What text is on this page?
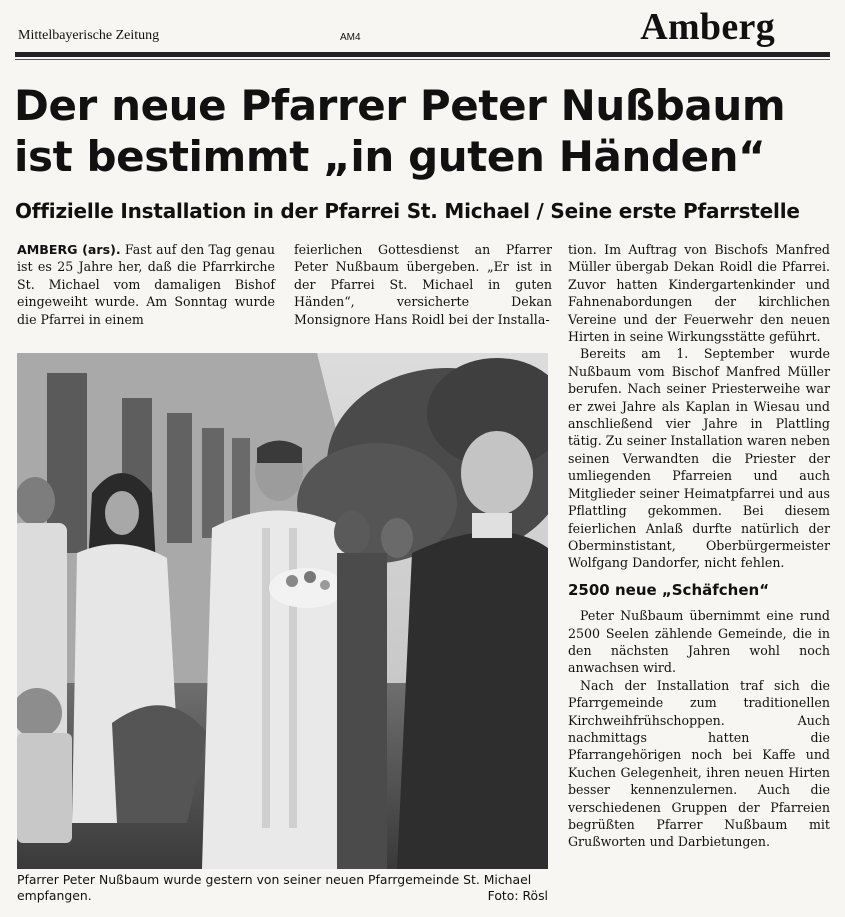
Mittelbayerische Zeitung	AM4	Amberg
Der neue Pfarrer Peter Nußbaum
ist bestimmt „in guten Händen“
Offizielle Installation in der Pfarrei St. Michael / Seine erste Pfarrstelle

AMBERG (ars). Fast auf den Tag genau ist es 25 Jahre her, daß die Pfarrkirche St. Michael vom damaligen Bishof eingeweiht wurde. Am Sonntag wurde die Pfarrei in einem

feierlichen Gottesdienst an Pfarrer Peter Nußbaum übergeben. „Er ist in der Pfarrei St. Michael in guten Händen“, versicherte Dekan Monsignore Hans Roidl bei der Installa-

tion. Im Auftrag von Bischofs Manfred Müller übergab Dekan Roidl die Pfarrei. Zuvor hatten Kindergartenkinder und Fahnenabordungen der kirchlichen Vereine und der Feuerwehr den neuen Hirten in seine Wirkungsstätte geführt.

Bereits am 1. September wurde Nußbaum vom Bischof Manfred Müller berufen. Nach seiner Priesterweihe war er zwei Jahre als Kaplan in Wiesau und anschließend vier Jahre in Plattling tätig. Zu seiner Installation waren neben seinen Verwandten die Priester der umliegenden Pfarreien und auch Mitglieder seiner Heimatpfarrei und aus Pflattling gekommen. Bei diesem feierlichen Anlaß durfte natürlich der Oberminstistant, Oberbürgermeister Wolfgang Dandorfer, nicht fehlen.

2500 neue „Schäfchen“

Peter Nußbaum übernimmt eine rund 2500 Seelen zählende Gemeinde, die in den nächsten Jahren wohl noch anwachsen wird.

Nach der Installation traf sich die Pfarrgemeinde zum traditionellen Kirchweihfrühschoppen. Auch nachmittags hatten die Pfarrangehörigen noch bei Kaffe und Kuchen Gelegenheit, ihren neuen Hirten besser kennenzulernen. Auch die verschiedenen Gruppen der Pfarreien begrüßten Pfarrer Nußbaum mit Grußworten und Darbietungen.

Pfarrer Peter Nußbaum wurde gestern von seiner neuen Pfarrgemeinde St. Michael empfangen.	Foto: Rösl
